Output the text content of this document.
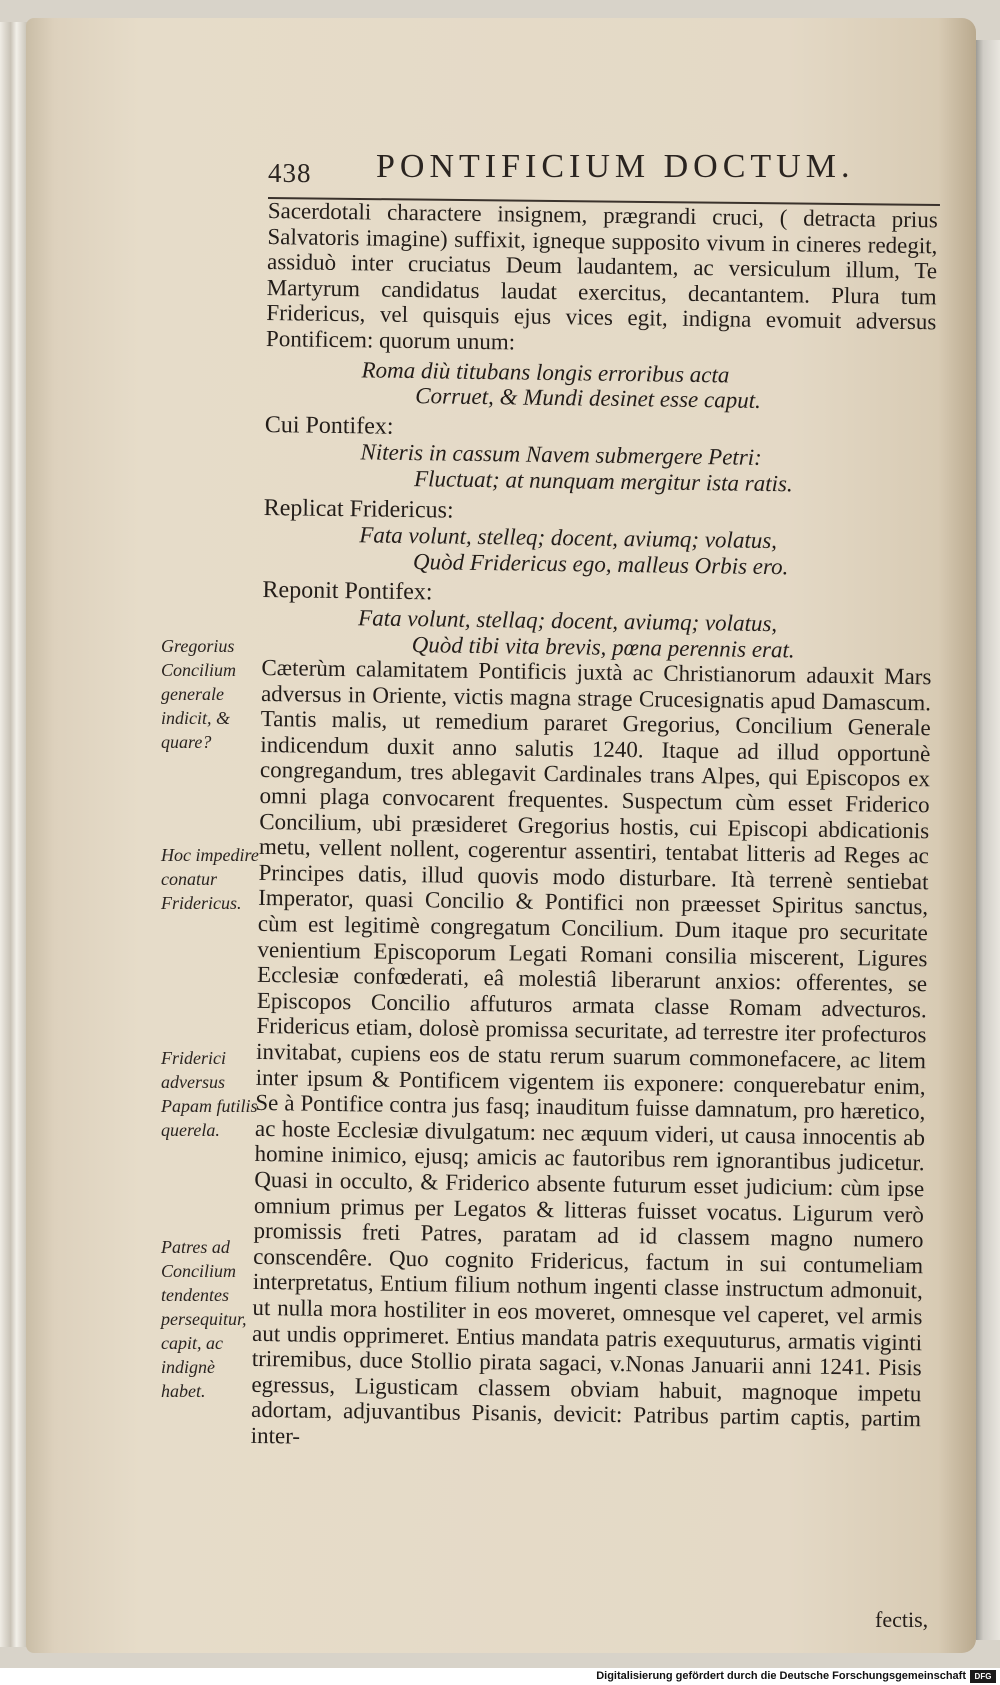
438 PONTIFICIUM DOCTUM.

Sacerdotali charactere insignem, prægrandi cruci, ( detracta prius Salvatoris imagine) suffixit, igneque supposito vivum in cineres redegit, assiduò inter cruciatus Deum laudantem, ac versiculum illum, Te Martyrum candidatus laudat exercitus, decantantem. Plura tum Fridericus, vel quisquis ejus vices egit, indigna evomuit adversus Pontificem: quorum unum:

Roma diù titubans longis erroribus acta
Corruet, & Mundi desinet esse caput.
Cui Pontifex:
Niteris in cassum Navem submergere Petri:
Fluctuat; at nunquam mergitur ista ratis.
Replicat Fridericus:
Fata volunt, stelleq; docent, aviumq; volatus,
Quòd Fridericus ego, malleus Orbis ero.
Reponit Pontifex:
Fata volunt, stellaq; docent, aviumq; volatus,
Quòd tibi vita brevis, pœna perennis erat.

Cæterùm calamitatem Pontificis juxtà ac Christianorum adauxit Mars adversus in Oriente, victis magna strage Crucesignatis apud Damascum. Tantis malis, ut remedium pararet Gregorius, Concilium Generale indicendum duxit anno salutis 1240. Itaque ad illud opportunè congregandum, tres ablegavit Cardinales trans Alpes, qui Episcopos ex omni plaga convocarent frequentes. Suspectum cùm esset Friderico Concilium, ubi præsideret Gregorius hostis, cui Episcopi abdicationis metu, vellent nollent, cogerentur assentiri, tentabat litteris ad Reges ac Principes datis, illud quovis modo disturbare. Ità terrenè sentiebat Imperator, quasi Concilio & Pontifici non præesset Spiritus sanctus, cùm est legitimè congregatum Concilium. Dum itaque pro securitate venientium Episcoporum Legati Romani consilia miscerent, Ligures Ecclesiæ confœderati, eâ molestiâ liberarunt anxios: offerentes, se Episcopos Concilio affuturos armata classe Romam advecturos. Fridericus etiam, dolosè promissa securitate, ad terrestre iter profecturos invitabat, cupiens eos de statu rerum suarum commonefacere, ac litem inter ipsum & Pontificem vigentem iis exponere: conquerebatur enim, Se à Pontifice contra jus fasq; inauditum fuisse damnatum, pro hæretico, ac hoste Ecclesiæ divulgatum: nec æquum videri, ut causa innocentis ab homine inimico, ejusq; amicis ac fautoribus rem ignorantibus judicetur. Quasi in occulto, & Friderico absente futurum esset judicium: cùm ipse omnium primus per Legatos & litteras fuisset vocatus. Ligurum verò promissis freti Patres, paratam ad id classem magno numero conscendêre. Quo cognito Fridericus, factum in sui contumeliam interpretatus, Entium filium nothum ingenti classe instructum admonuit, ut nulla mora hostiliter in eos moveret, omnesque vel caperet, vel armis aut undis opprimeret. Entius mandata patris exequuturus, armatis viginti triremibus, duce Stollio pirata sagaci, v.Nonas Januarii anni 1241. Pisis egressus, Ligusticam classem obviam habuit, magnoque impetu adortam, adjuvantibus Pisanis, devicit: Patribus partim captis, partim inter-

fectis,
Gregorius Concilium generale indicit, & quare?
Hoc impedire conatur Fridericus.
Friderici adversus Papam futilis querela.
Patres ad Concilium tendentes persequitur, capit, ac indignè habet.
Digitalisierung gefördert durch die Deutsche Forschungsgemeinschaft
DFG
